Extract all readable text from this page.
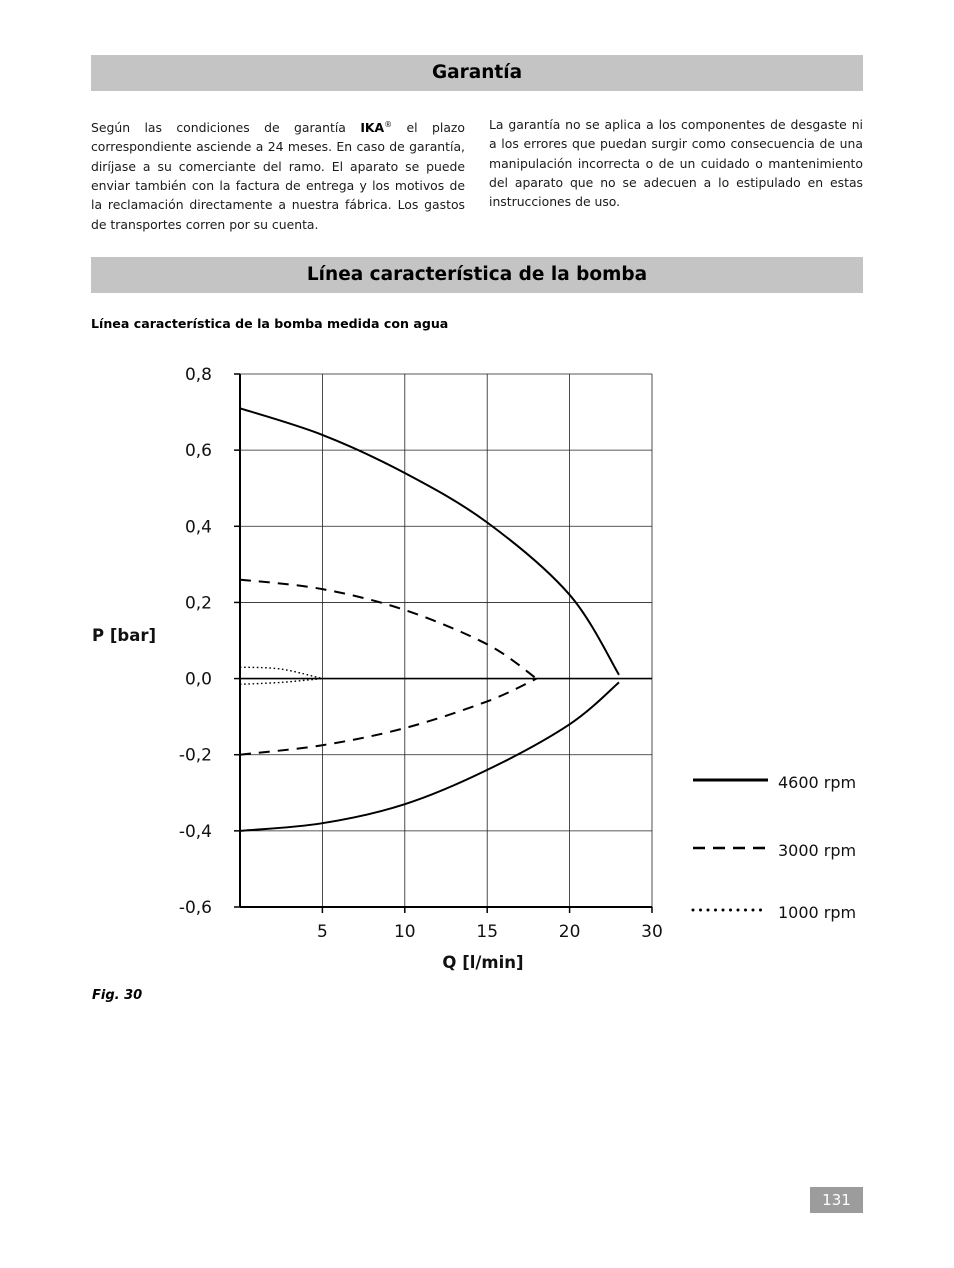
Garantía
Según las condiciones de garantía IKA® el plazo correspondiente asciende a 24 meses. En caso de garantía, diríjase a su comerciante del ramo. El aparato se puede enviar también con la factura de entrega y los motivos de la reclamación directamente a nuestra fábrica. Los gastos de transportes corren por su cuenta.
La garantía no se aplica a los componentes de desgaste ni a los errores que puedan surgir como consecuencia de una manipulación incorrecta o de un cuidado o mantenimiento del aparato que no se adecuen a lo estipulado en estas instrucciones de uso.
Línea característica de la bomba
Línea característica de la bomba medida con agua
4600 rpm
3000 rpm
1000 rpm
-0,6
-0,4
-0,2
0,0
0,2
0,4
0,6
0,8
5	10	15	20	30
P [bar]
Q [l/min]
Fig. 30
131
